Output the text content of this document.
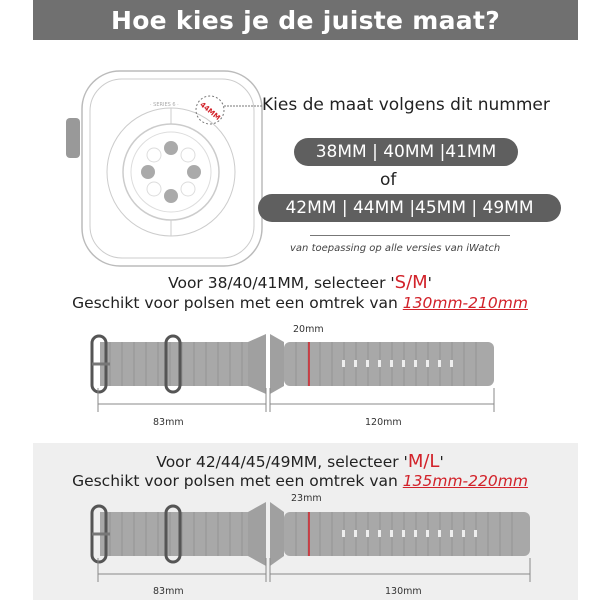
Hoe kies je de juiste maat?
· SERIES 6 ·	44MM Kies de maat volgens dit nummer
38MM | 40MM |41MM
of
42MM | 44MM |45MM | 49MM
van toepassing op alle versies van iWatch
Voor 38/40/41MM, selecteer 'S/M'
Geschikt voor polsen met een omtrek van 130mm-210mm
20mm
83mm	120mm
Voor 42/44/45/49MM, selecteer 'M/L'
Geschikt voor polsen met een omtrek van 135mm-220mm
23mm
83mm	130mm
